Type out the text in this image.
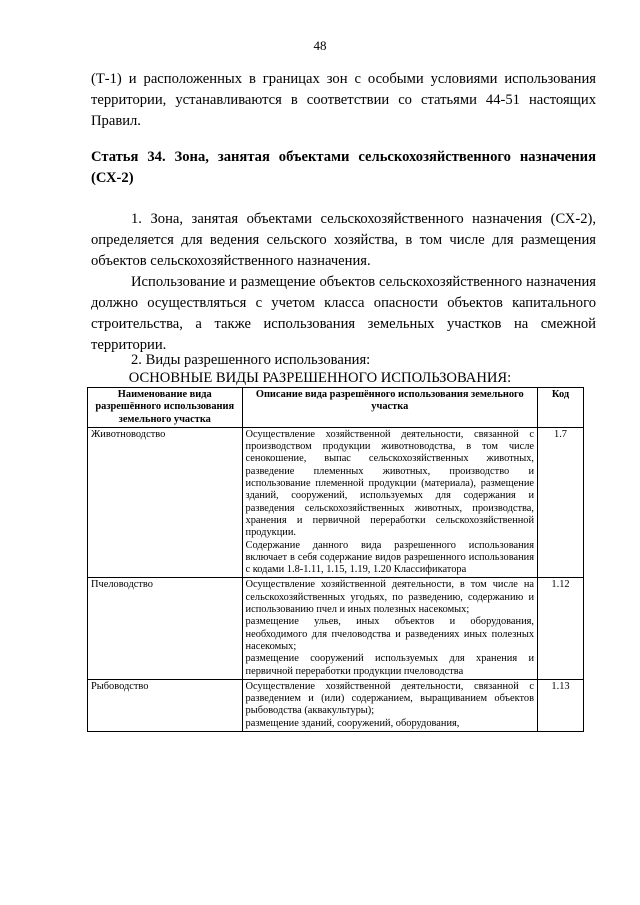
48
(Т-1) и расположенных в границах зон с особыми условиями использования территории, устанавливаются в соответствии со статьями 44-51 настоящих Правил.
Статья 34. Зона, занятая объектами сельскохозяйственного назначения (СХ-2)
1. Зона, занятая объектами сельскохозяйственного назначения (СХ-2), определяется для ведения сельского хозяйства, в том числе для размещения объектов сельскохозяйственного назначения.
Использование и размещение объектов сельскохозяйственного назначения должно осуществляться с учетом класса опасности объектов капитального строительства, а также использования земельных участков на смежной территории.
2. Виды разрешенного использования:
ОСНОВНЫЕ ВИДЫ РАЗРЕШЕННОГО ИСПОЛЬЗОВАНИЯ:
Наименование вида разрешённого использования земельного участка	Описание вида разрешённого использования земельного участка	Код
Животноводство	Осуществление хозяйственной деятельности, связанной с производством продукции животноводства, в том числе сенокошение, выпас сельскохозяйственных животных, разведение племенных животных, производство и использование племенной продукции (материала), размещение зданий, сооружений, используемых для содержания и разведения сельскохозяйственных животных, производства, хранения и первичной переработки сельскохозяйственной продукции.
Содержание данного вида разрешенного использования включает в себя содержание видов разрешенного использования с кодами 1.8-1.11, 1.15, 1.19, 1.20 Классификатора	1.7
Пчеловодство	Осуществление хозяйственной деятельности, в том числе на сельскохозяйственных угодьях, по разведению, содержанию и использованию пчел и иных полезных насекомых;
размещение ульев, иных объектов и оборудования, необходимого для пчеловодства и разведениях иных полезных насекомых;
размещение сооружений используемых для хранения и первичной переработки продукции пчеловодства	1.12
Рыбоводство	Осуществление хозяйственной деятельности, связанной с разведением и (или) содержанием, выращиванием объектов рыбоводства (аквакультуры);
размещение зданий, сооружений, оборудования,	1.13
